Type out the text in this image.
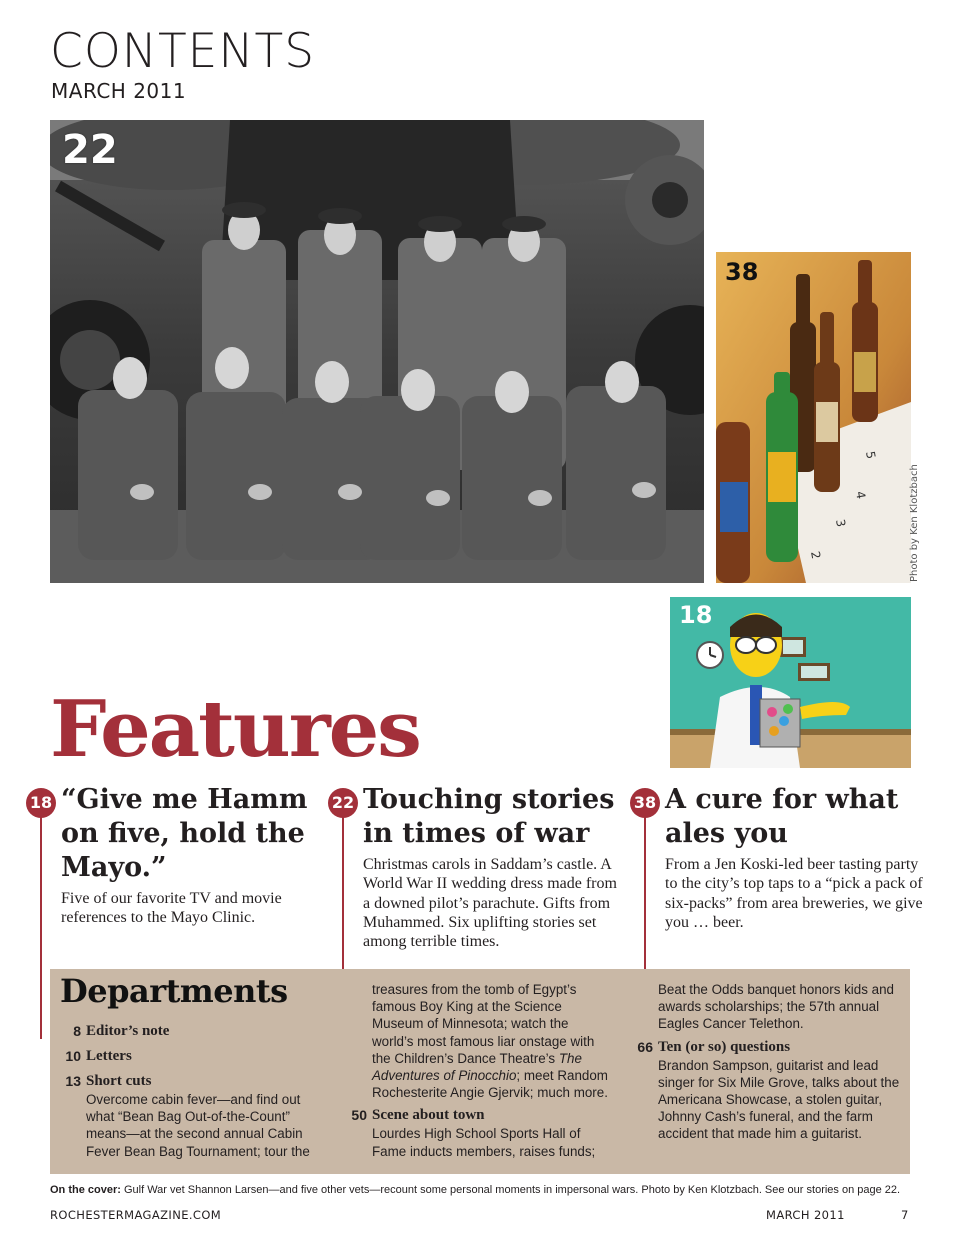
CONTENTS
MARCH 2011
22
5
4
3
2
38
Photo by Ken Klotzbach
18
Features
18 “Give me Hamm
on five, hold the
Mayo.”
Five of our favorite TV and movie
references to the Mayo Clinic.
22 Touching stories
in times of war
Christmas carols in Saddam’s castle. A
World War II wedding dress made from
a downed pilot’s parachute. Gifts from
Muhammed. Six uplifting stories set
among terrible times.
38 A cure for what
ales you
From a Jen Koski-led beer tasting party
to the city’s top taps to a “pick a pack of
six-packs” from area breweries, we give
you … beer.
Departments
8 Editor’s note
10 Letters
13 Short cuts
Overcome cabin fever—and find out
what “Bean Bag Out-of-the-Count”
means—at the second annual Cabin
Fever Bean Bag Tournament; tour the
treasures from the tomb of Egypt’s
famous Boy King at the Science
Museum of Minnesota; watch the
world’s most famous liar onstage with
the Children’s Dance Theatre’s The
Adventures of Pinocchio; meet Random
Rochesterite Angie Gjervik; much more.
50 Scene about town
Lourdes High School Sports Hall of
Fame inducts members, raises funds;
Beat the Odds banquet honors kids and
awards scholarships; the 57th annual
Eagles Cancer Telethon.
66 Ten (or so) questions
Brandon Sampson, guitarist and lead
singer for Six Mile Grove, talks about the
Americana Showcase, a stolen guitar,
Johnny Cash’s funeral, and the farm
accident that made him a guitarist.
On the cover: Gulf War vet Shannon Larsen—and five other vets—recount some personal moments in impersonal wars. Photo by Ken Klotzbach. See our stories on page 22.
ROCHESTERMAGAZINE.COM	MARCH 2011	7
